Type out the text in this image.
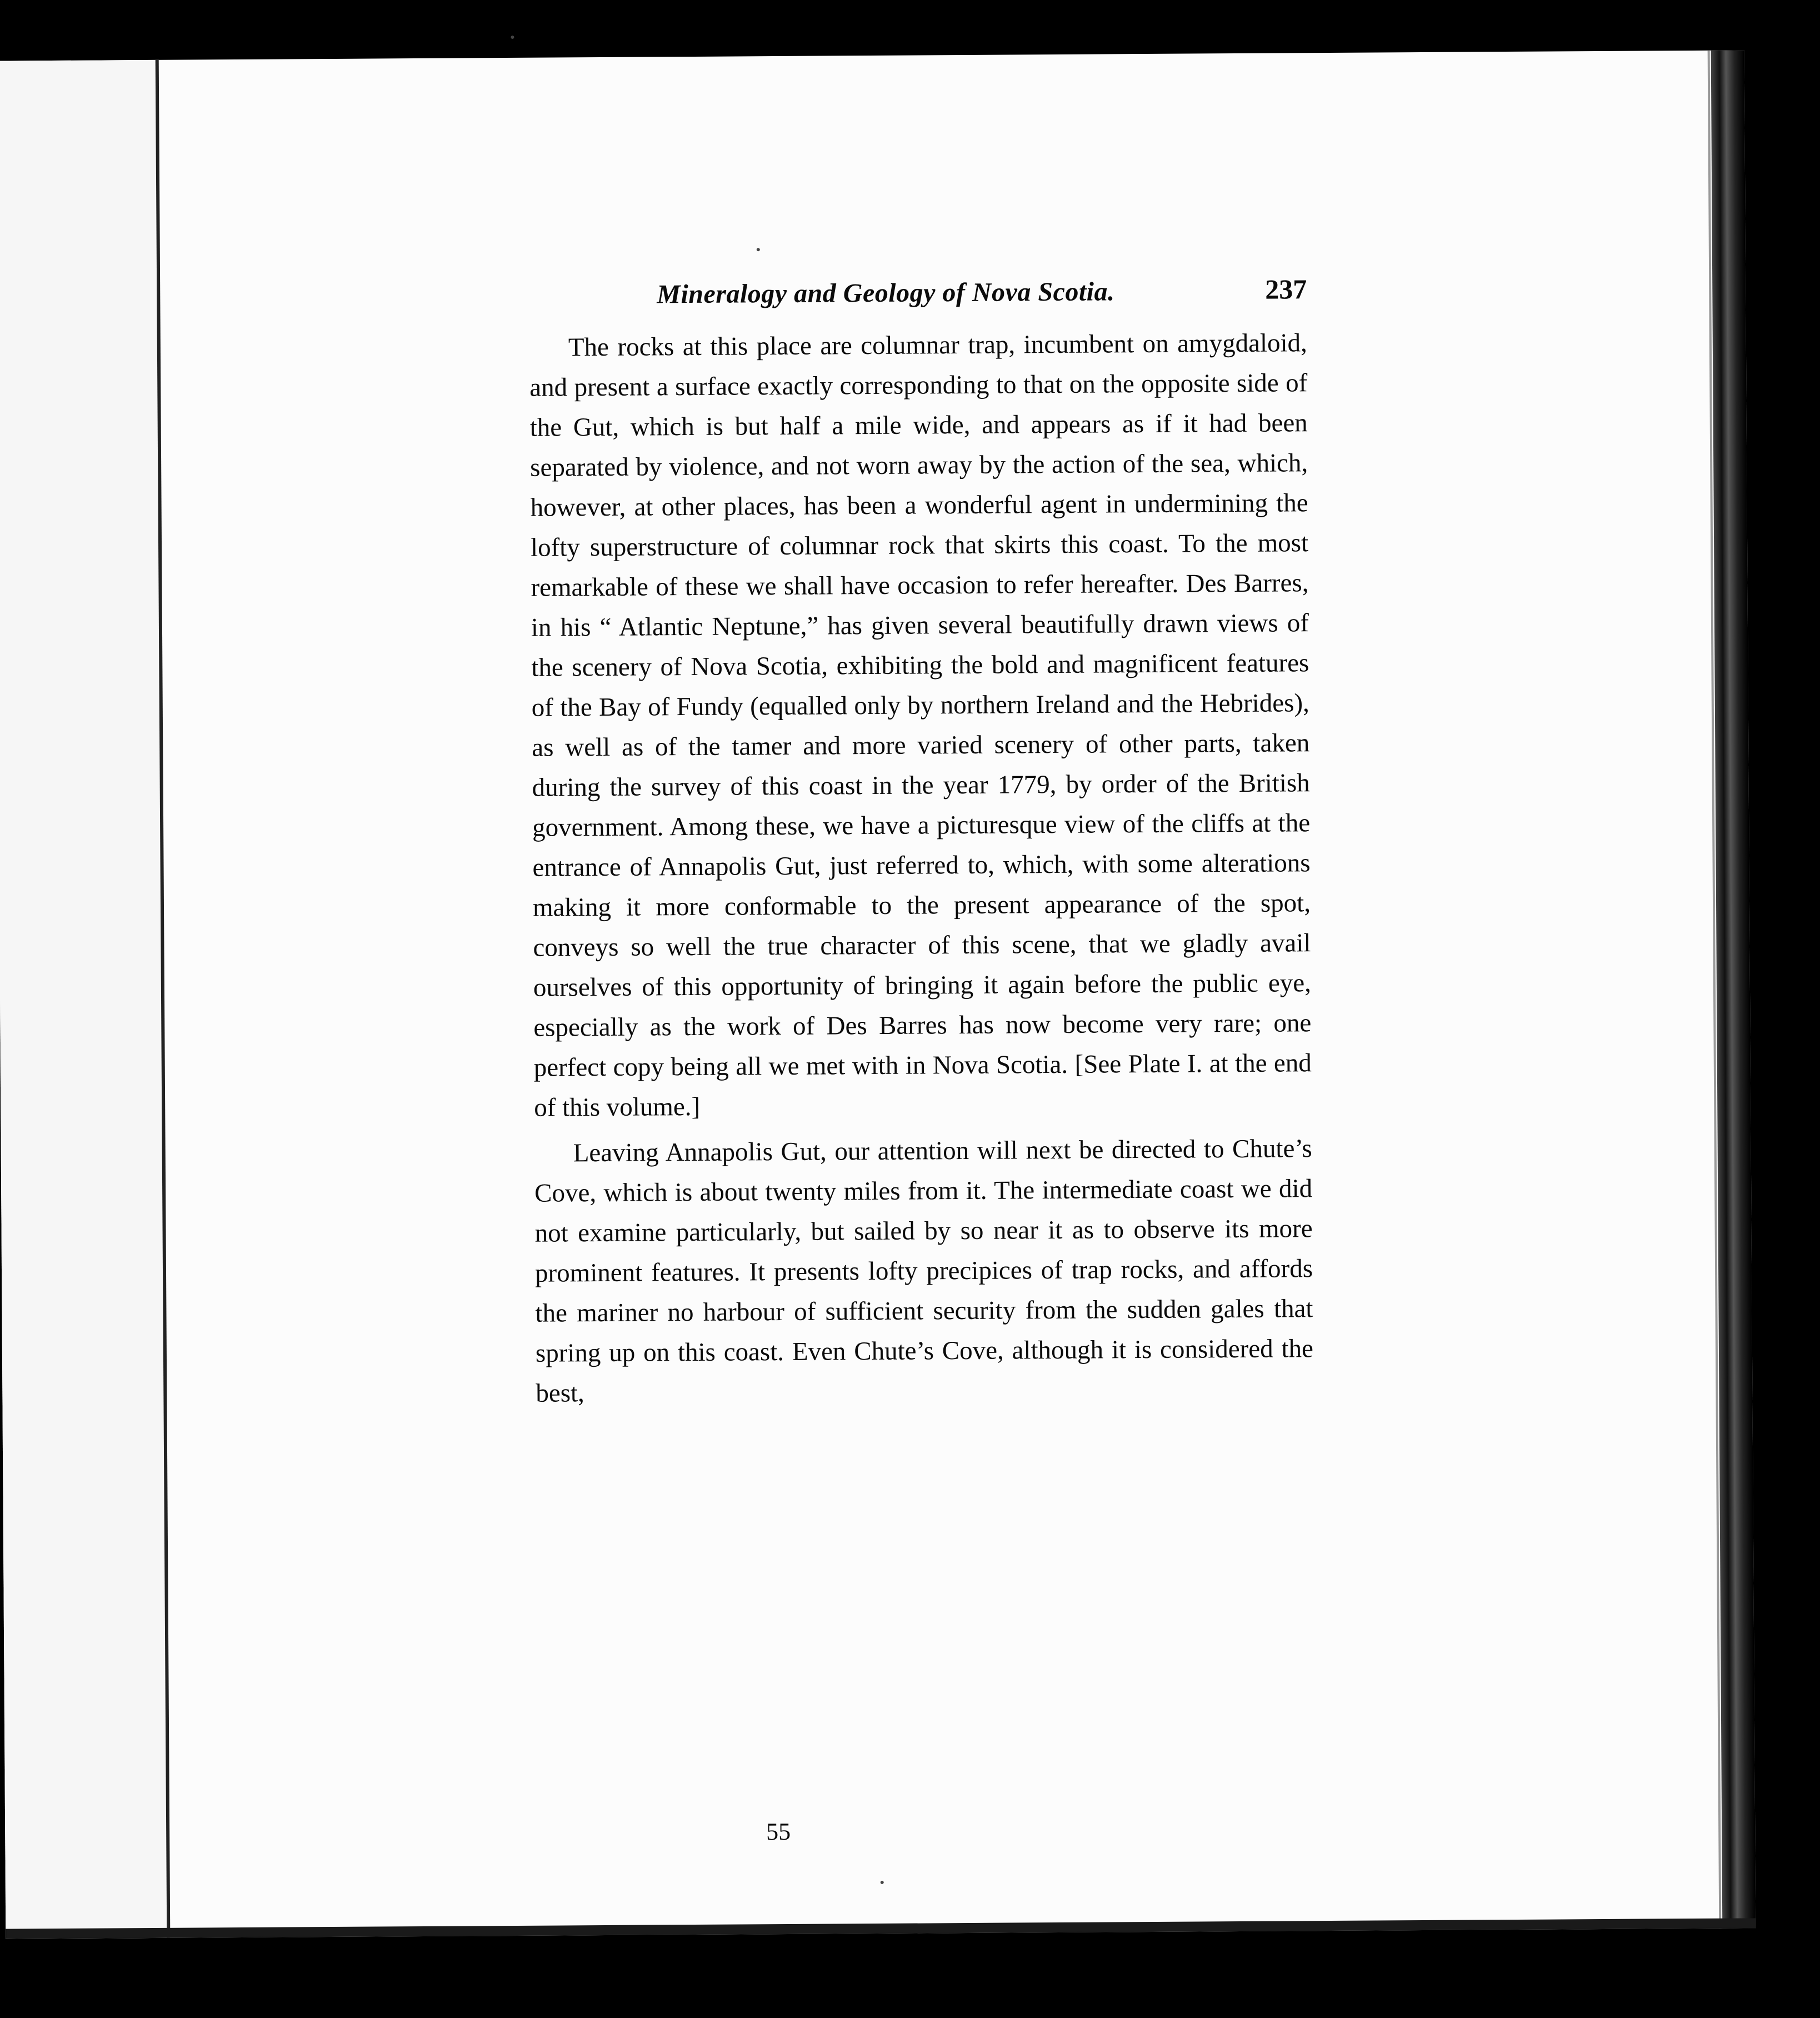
Mineralogy and Geology of Nova Scotia.	237

The rocks at this place are columnar trap, incumbent on amygdaloid, and present a surface exactly corresponding to that on the opposite side of the Gut, which is but half a mile wide, and appears as if it had been separated by violence, and not worn away by the action of the sea, which, however, at other places, has been a wonderful agent in undermining the lofty superstructure of columnar rock that skirts this coast. To the most remarkable of these we shall have occasion to refer hereafter. Des Barres, in his “ Atlantic Neptune,” has given several beautifully drawn views of the scenery of Nova Scotia, exhibiting the bold and magnificent features of the Bay of Fundy (equalled only by northern Ireland and the Hebrides), as well as of the tamer and more varied scenery of other parts, taken during the survey of this coast in the year 1779, by order of the British government. Among these, we have a picturesque view of the cliffs at the entrance of Annapolis Gut, just referred to, which, with some alterations making it more conformable to the present appearance of the spot, conveys so well the true character of this scene, that we gladly avail ourselves of this opportunity of bringing it again before the public eye, especially as the work of Des Barres has now become very rare; one perfect copy being all we met with in Nova Scotia. [See Plate I. at the end of this volume.]

Leaving Annapolis Gut, our attention will next be directed to Chute’s Cove, which is about twenty miles from it. The intermediate coast we did not examine particularly, but sailed by so near it as to observe its more prominent features. It presents lofty precipices of trap rocks, and affords the mariner no harbour of sufficient security from the sudden gales that spring up on this coast. Even Chute’s Cove, although it is considered the best,

55
